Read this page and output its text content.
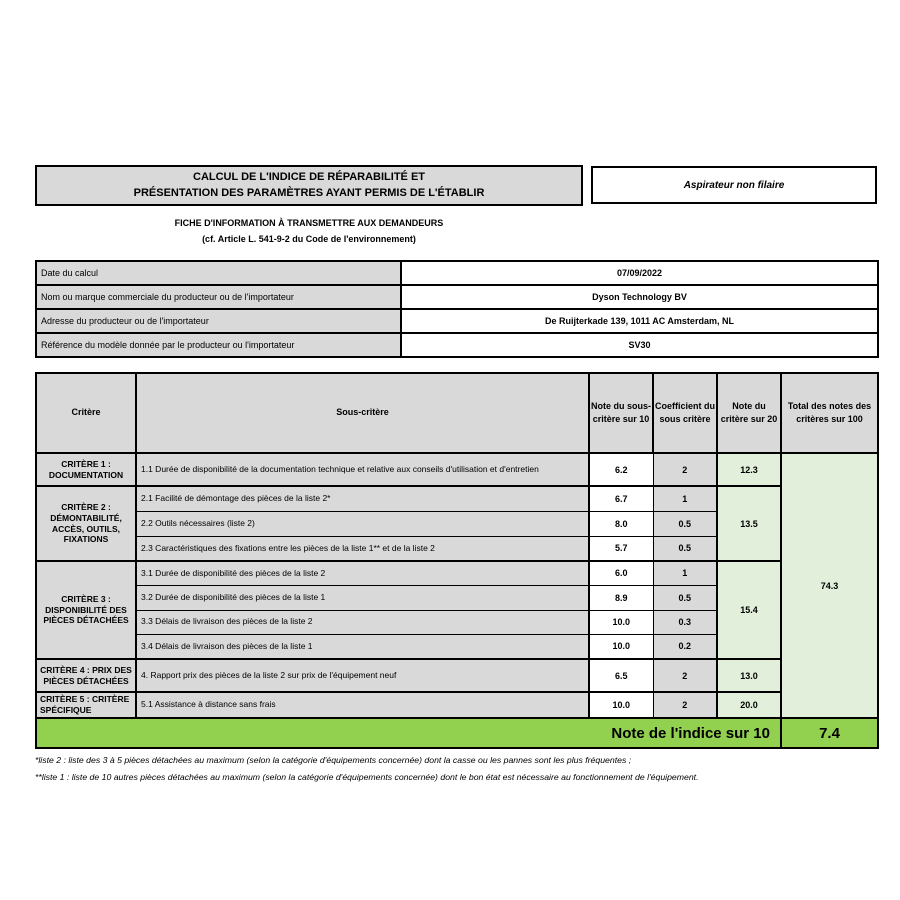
CALCUL DE L'INDICE DE RÉPARABILITÉ ET
PRÉSENTATION DES PARAMÈTRES AYANT PERMIS DE L'ÉTABLIR
Aspirateur non filaire
FICHE D'INFORMATION À TRANSMETTRE AUX DEMANDEURS
(cf. Article L. 541-9-2 du Code de l'environnement)
Date du calcul	07/09/2022
Nom ou marque commerciale du producteur ou de l'importateur	Dyson Technology BV
Adresse du producteur ou de l'importateur	De Ruijterkade 139, 1011 AC Amsterdam, NL
Référence du modèle donnée par le producteur ou l'importateur	SV30
Critère	Sous-critère	Note du sous-critère sur 10	Coefficient du sous critère	Note du critère sur 20	Total des notes des critères sur 100
CRITÈRE 1 : DOCUMENTATION	1.1 Durée de disponibilité de la documentation technique et relative aux conseils d'utilisation et d'entretien	6.2	2	12.3	74.3
CRITÈRE 2 : DÉMONTABILITÉ, ACCÈS, OUTILS, FIXATIONS	2.1 Facilité de démontage des pièces de la liste 2*	6.7	1	13.5	
	2.2 Outils nécessaires (liste 2)	8.0	0.5		
	2.3 Caractéristiques des fixations entre les pièces de la liste 1** et de la liste 2	5.7	0.5		
CRITÈRE 3 : DISPONIBILITÉ DES PIÈCES DÉTACHÉES	3.1 Durée de disponibilité des pièces de la liste 2	6.0	1	15.4	
	3.2 Durée de disponibilité des pièces de la liste 1	8.9	0.5		
	3.3 Délais de livraison des pièces de la liste 2	10.0	0.3		
	3.4 Délais de livraison des pièces de la liste 1	10.0	0.2		
CRITÈRE 4 : PRIX DES PIÈCES DÉTACHÉES	4. Rapport prix des pièces de la liste 2 sur prix de l'équipement neuf	6.5	2	13.0	
CRITÈRE 5 : CRITÈRE SPÉCIFIQUE	5.1 Assistance à distance sans frais	10.0	2	20.0	
Note de l'indice sur 10					7.4
*liste 2 : liste des 3 à 5 pièces détachées au maximum (selon la catégorie d'équipements concernée) dont la casse ou les pannes sont les plus fréquentes ;
**liste 1 : liste de 10 autres pièces détachées au maximum (selon la catégorie d'équipements concernée) dont le bon état est nécessaire au fonctionnement de l'équipement.
